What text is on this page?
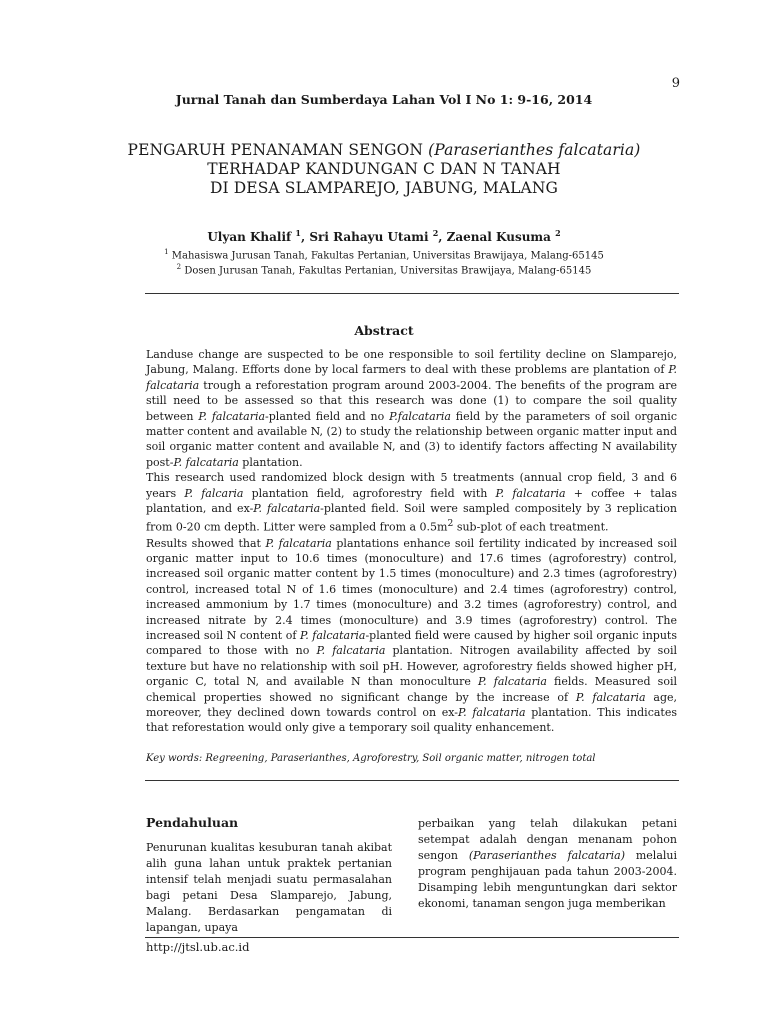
9
Jurnal Tanah dan Sumberdaya Lahan Vol I No 1: 9-16, 2014
PENGARUH PENANAMAN SENGON (Paraserianthes falcataria)
TERHADAP KANDUNGAN C DAN N TANAH
DI DESA SLAMPAREJO, JABUNG, MALANG
Ulyan Khalif $^1$, Sri Rahayu Utami $^2$, Zaenal Kusuma $^2$
$^1$ Mahasiswa Jurusan Tanah, Fakultas Pertanian, Universitas Brawijaya, Malang-65145
$^2$ Dosen Jurusan Tanah, Fakultas Pertanian, Universitas Brawijaya, Malang-65145
Abstract

Landuse change are suspected to be one responsible to soil fertility decline on Slamparejo, Jabung, Malang. Efforts done by local farmers to deal with these problems are plantation of P. falcataria trough a reforestation program around 2003-2004. The benefits of the program are still need to be assessed so that this research was done (1) to compare the soil quality between P. falcataria-planted field and no P.falcataria field by the parameters of soil organic matter content and available N, (2) to study the relationship between organic matter input and soil organic matter content and available N, and (3) to identify factors affecting N availability post-P. falcataria plantation.

This research used randomized block design with 5 treatments (annual crop field, 3 and 6 years P. falcaria plantation field, agroforestry field with P. falcataria + coffee + talas plantation, and ex-P. falcataria-planted field. Soil were sampled compositely by 3 replication from 0-20 cm depth. Litter were sampled from a $0.5m^2$ sub-plot of each treatment.

Results showed that P. falcataria plantations enhance soil fertility indicated by increased soil organic matter input to 10.6 times (monoculture) and 17.6 times (agroforestry) control, increased soil organic matter content by 1.5 times (monoculture) and 2.3 times (agroforestry) control, increased total N of 1.6 times (monoculture) and 2.4 times (agroforestry) control, increased ammonium by 1.7 times (monoculture) and 3.2 times (agroforestry) control, and increased nitrate by 2.4 times (monoculture) and 3.9 times (agroforestry) control. The increased soil N content of P. falcataria-planted field were caused by higher soil organic inputs compared to those with no P. falcataria plantation. Nitrogen availability affected by soil texture but have no relationship with soil pH. However, agroforestry fields showed higher pH, organic C, total N, and available N than monoculture P. falcataria fields. Measured soil chemical properties showed no significant change by the increase of P. falcataria age, moreover, they declined down towards control on ex-P. falcataria plantation. This indicates that reforestation would only give a temporary soil quality enhancement.

Key words: Regreening, Paraserianthes, Agroforestry, Soil organic matter, nitrogen total
Pendahuluan
Penurunan kualitas kesuburan tanah akibat alih guna lahan untuk praktek pertanian intensif telah menjadi suatu permasalahan bagi petani Desa Slamparejo, Jabung, Malang. Berdasarkan pengamatan di lapangan, upaya
perbaikan yang telah dilakukan petani setempat adalah dengan menanam pohon sengon (Paraserianthes falcataria) melalui program penghijauan pada tahun 2003-2004. Disamping lebih menguntungkan dari sektor ekonomi, tanaman sengon juga memberikan
http://jtsl.ub.ac.id
